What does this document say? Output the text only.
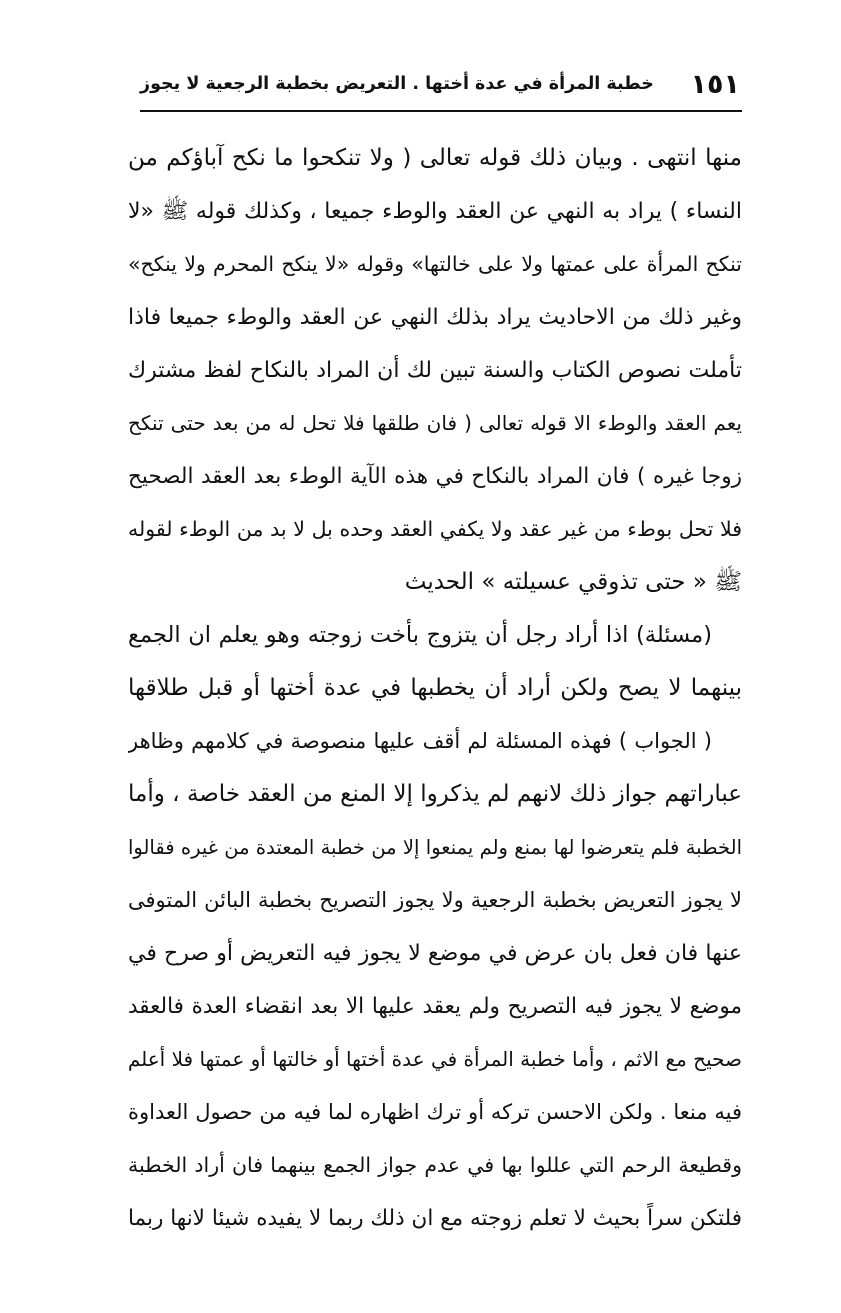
خطبة المرأة في عدة أختها . التعريض بخطبة الرجعية لا يجوز ١٥١
منها انتهى . وبيان ذلك قوله تعالى ( ولا تنكحوا ما نكح آباؤكم من
النساء ) يراد به النهي عن العقد والوطء جميعا ، وكذلك قوله ﷺ «لا
تنكح المرأة على عمتها ولا على خالتها» وقوله «لا ينكح المحرم ولا ينكح»
وغير ذلك من الاحاديث يراد بذلك النهي عن العقد والوطء جميعا فاذا
تأملت نصوص الكتاب والسنة تبين لك أن المراد بالنكاح لفظ مشترك
يعم العقد والوطء الا قوله تعالى ( فان طلقها فلا تحل له من بعد حتى تنكح
زوجا غيره ) فان المراد بالنكاح في هذه الآية الوطء بعد العقد الصحيح
فلا تحل بوطء من غير عقد ولا يكفي العقد وحده بل لا بد من الوطء لقوله
ﷺ « حتى تذوقي عسيلته » الحديث
(مسئلة) اذا أراد رجل أن يتزوج بأخت زوجته وهو يعلم ان الجمع
بينهما لا يصح ولكن أراد أن يخطبها في عدة أختها أو قبل طلاقها
( الجواب ) فهذه المسئلة لم أقف عليها منصوصة في كلامهم وظاهر
عباراتهم جواز ذلك لانهم لم يذكروا إلا المنع من العقد خاصة ، وأما
الخطبة فلم يتعرضوا لها بمنع ولم يمنعوا إلا من خطبة المعتدة من غيره فقالوا
لا يجوز التعريض بخطبة الرجعية ولا يجوز التصريح بخطبة البائن المتوفى
عنها فان فعل بان عرض في موضع لا يجوز فيه التعريض أو صرح في
موضع لا يجوز فيه التصريح ولم يعقد عليها الا بعد انقضاء العدة فالعقد
صحيح مع الاثم ، وأما خطبة المرأة في عدة أختها أو خالتها أو عمتها فلا أعلم
فيه منعا . ولكن الاحسن تركه أو ترك اظهاره لما فيه من حصول العداوة
وقطيعة الرحم التي عللوا بها في عدم جواز الجمع بينهما فان أراد الخطبة
فلتكن سراً بحيث لا تعلم زوجته مع ان ذلك ربما لا يفيده شيئا لانها ربما
